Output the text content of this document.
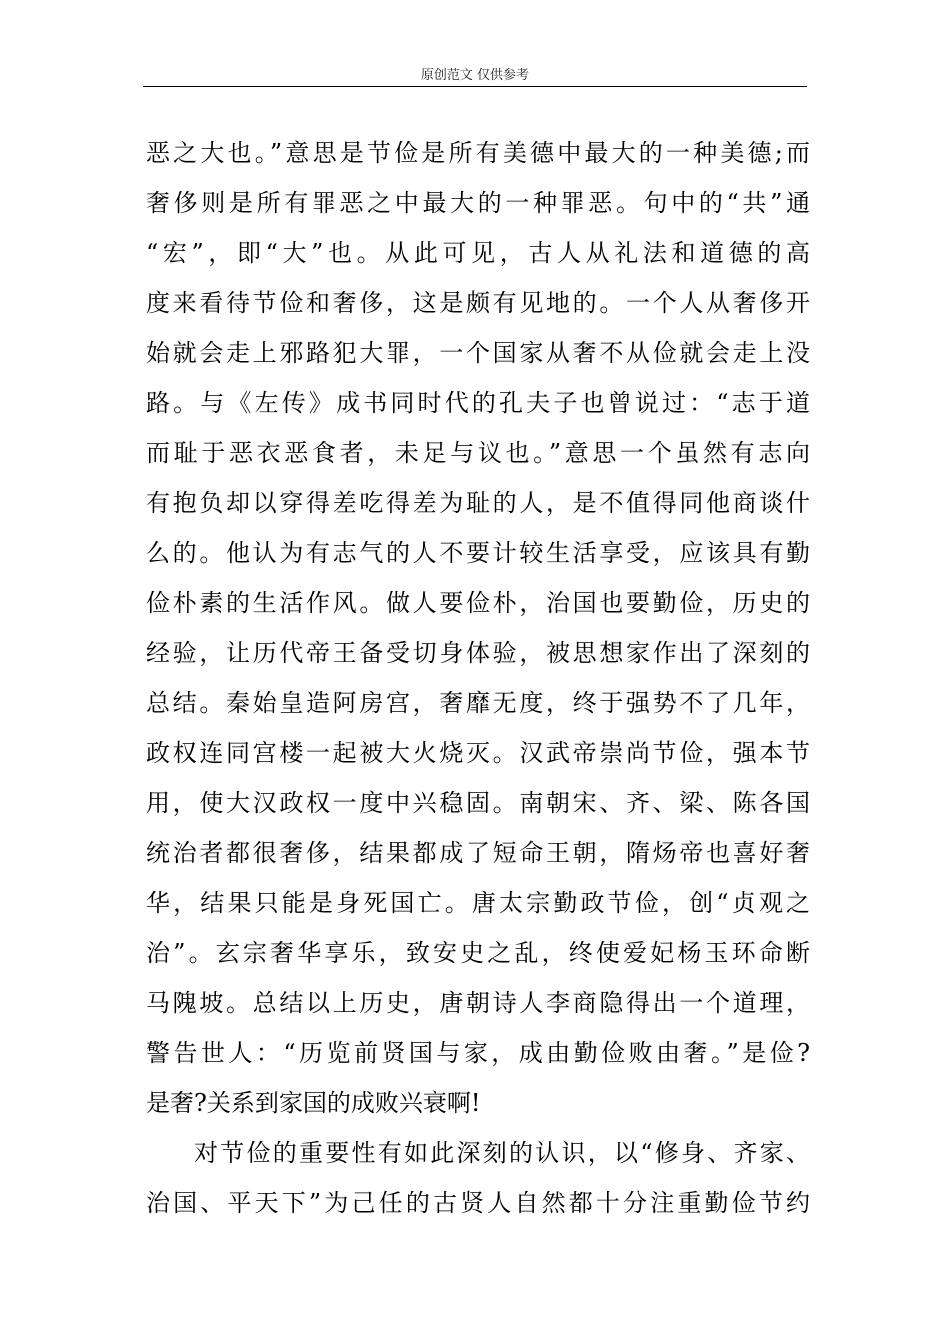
原创范文 仅供参考
恶之大也。”意思是节俭是所有美德中最大的一种美德;而
奢侈则是所有罪恶之中最大的一种罪恶。句中的“共”通
“宏”，即“大”也。从此可见，古人从礼法和道德的高
度来看待节俭和奢侈，这是颇有见地的。一个人从奢侈开
始就会走上邪路犯大罪，一个国家从奢不从俭就会走上没
路。与《左传》成书同时代的孔夫子也曾说过：“志于道
而耻于恶衣恶食者，未足与议也。”意思一个虽然有志向
有抱负却以穿得差吃得差为耻的人，是不值得同他商谈什
么的。他认为有志气的人不要计较生活享受，应该具有勤
俭朴素的生活作风。做人要俭朴，治国也要勤俭，历史的
经验，让历代帝王备受切身体验，被思想家作出了深刻的
总结。秦始皇造阿房宫，奢靡无度，终于强势不了几年，
政权连同宫楼一起被大火烧灭。汉武帝崇尚节俭，强本节
用，使大汉政权一度中兴稳固。南朝宋、齐、梁、陈各国
统治者都很奢侈，结果都成了短命王朝，隋炀帝也喜好奢
华，结果只能是身死国亡。唐太宗勤政节俭，创“贞观之
治”。玄宗奢华享乐，致安史之乱，终使爱妃杨玉环命断
马隗坡。总结以上历史，唐朝诗人李商隐得出一个道理，
警告世人：“历览前贤国与家，成由勤俭败由奢。”是俭?
是奢?关系到家国的成败兴衰啊!
对节俭的重要性有如此深刻的认识，以“修身、齐家、
治国、平天下”为己任的古贤人自然都十分注重勤俭节约
